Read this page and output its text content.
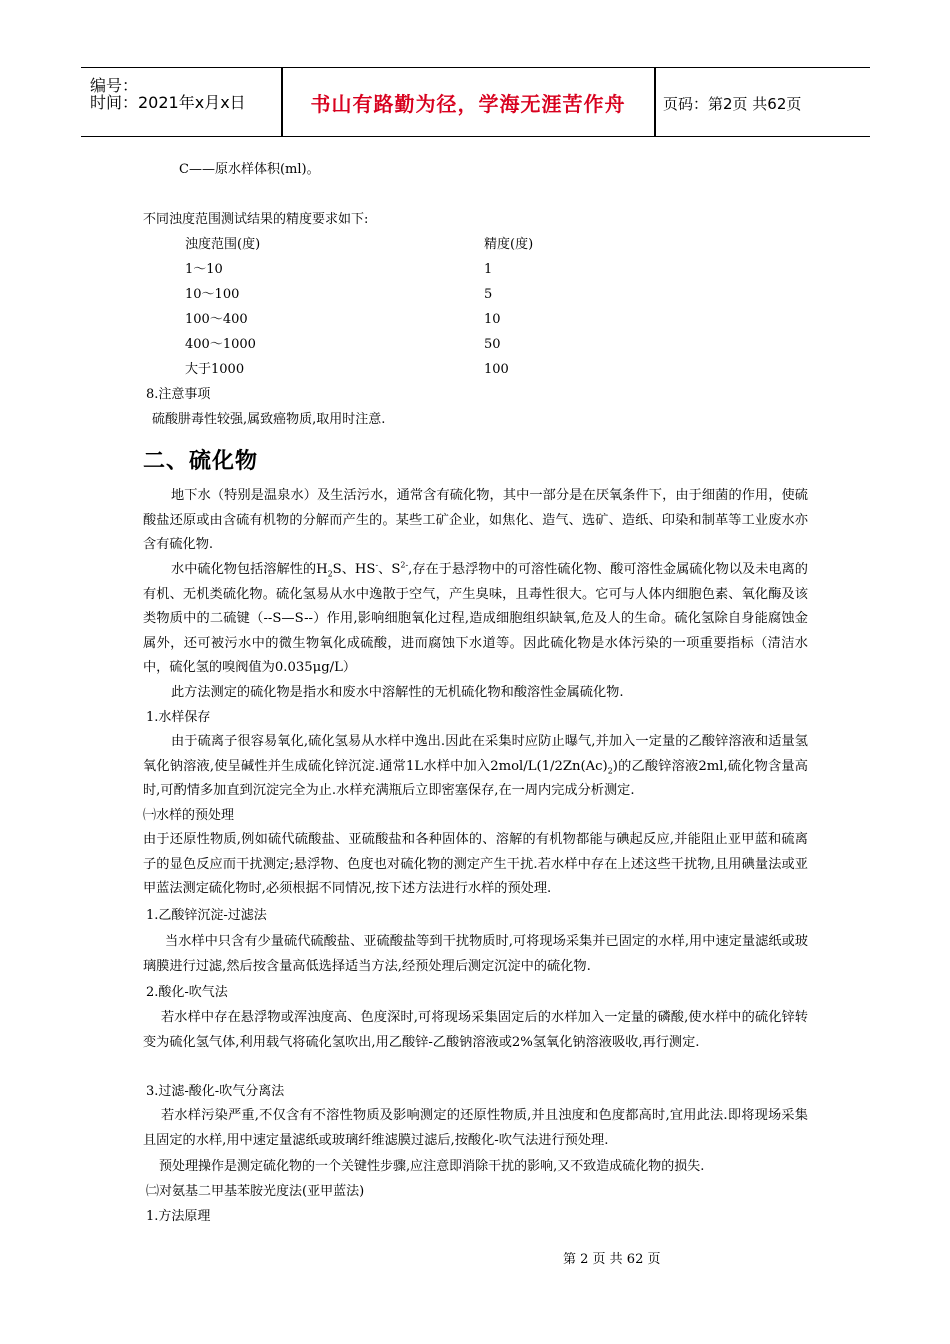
编号：
时间：2021年x月x日	书山有路勤为径，学海无涯苦作舟	页码：第2页 共62页
C——原水样体积(ml)。
不同浊度范围测试结果的精度要求如下:
浊度范围(度)	精度(度)
1～10	1
10～100	5
100～400	10
400～1000	50
大于1000	100
8.注意事项
硫酸肼毒性较强,属致癌物质,取用时注意.
二、硫化物
地下水（特别是温泉水）及生活污水，通常含有硫化物，其中一部分是在厌氧条件下，由于细菌的作用，使硫酸盐还原或由含硫有机物的分解而产生的。某些工矿企业，如焦化、造气、选矿、造纸、印染和制革等工业废水亦含有硫化物.
水中硫化物包括溶解性的$H_2S$、HS-、$S^{2-}$,存在于悬浮物中的可溶性硫化物、酸可溶性金属硫化物以及未电离的有机、无机类硫化物。硫化氢易从水中逸散于空气，产生臭味，且毒性很大。它可与人体内细胞色素、氧化酶及该类物质中的二硫键（--S—S--）作用,影响细胞氧化过程,造成细胞组织缺氧,危及人的生命。硫化氢除自身能腐蚀金属外，还可被污水中的微生物氧化成硫酸，进而腐蚀下水道等。因此硫化物是水体污染的一项重要指标（清洁水中，硫化氢的嗅阀值为0.035μg/L）
此方法测定的硫化物是指水和废水中溶解性的无机硫化物和酸溶性金属硫化物.
1.水样保存
由于硫离子很容易氧化,硫化氢易从水样中逸出.因此在采集时应防止曝气,并加入一定量的乙酸锌溶液和适量氢氧化钠溶液,使呈碱性并生成硫化锌沉淀.通常1L水样中加入$2mol/L(1/2Zn(Ac)_2)$的乙酸锌溶液2ml,硫化物含量高时,可酌情多加直到沉淀完全为止.水样充满瓶后立即密塞保存,在一周内完成分析测定.
㈠水样的预处理
由于还原性物质,例如硫代硫酸盐、亚硫酸盐和各种固体的、溶解的有机物都能与碘起反应,并能阻止亚甲蓝和硫离子的显色反应而干扰测定;悬浮物、色度也对硫化物的测定产生干扰.若水样中存在上述这些干扰物,且用碘量法或亚甲蓝法测定硫化物时,必须根据不同情况,按下述方法进行水样的预处理.
1.乙酸锌沉淀-过滤法
当水样中只含有少量硫代硫酸盐、亚硫酸盐等到干扰物质时,可将现场采集并已固定的水样,用中速定量滤纸或玻璃膜进行过滤,然后按含量高低选择适当方法,经预处理后测定沉淀中的硫化物.
2.酸化-吹气法
若水样中存在悬浮物或浑浊度高、色度深时,可将现场采集固定后的水样加入一定量的磷酸,使水样中的硫化锌转变为硫化氢气体,利用载气将硫化氢吹出,用乙酸锌-乙酸钠溶液或2%氢氧化钠溶液吸收,再行测定.
3.过滤-酸化-吹气分离法
若水样污染严重,不仅含有不溶性物质及影响测定的还原性物质,并且浊度和色度都高时,宜用此法.即将现场采集且固定的水样,用中速定量滤纸或玻璃纤维滤膜过滤后,按酸化-吹气法进行预处理.
预处理操作是测定硫化物的一个关键性步骤,应注意即消除干扰的影响,又不致造成硫化物的损失.
㈡对氨基二甲基苯胺光度法(亚甲蓝法)
1.方法原理
第 2 页 共 62 页
